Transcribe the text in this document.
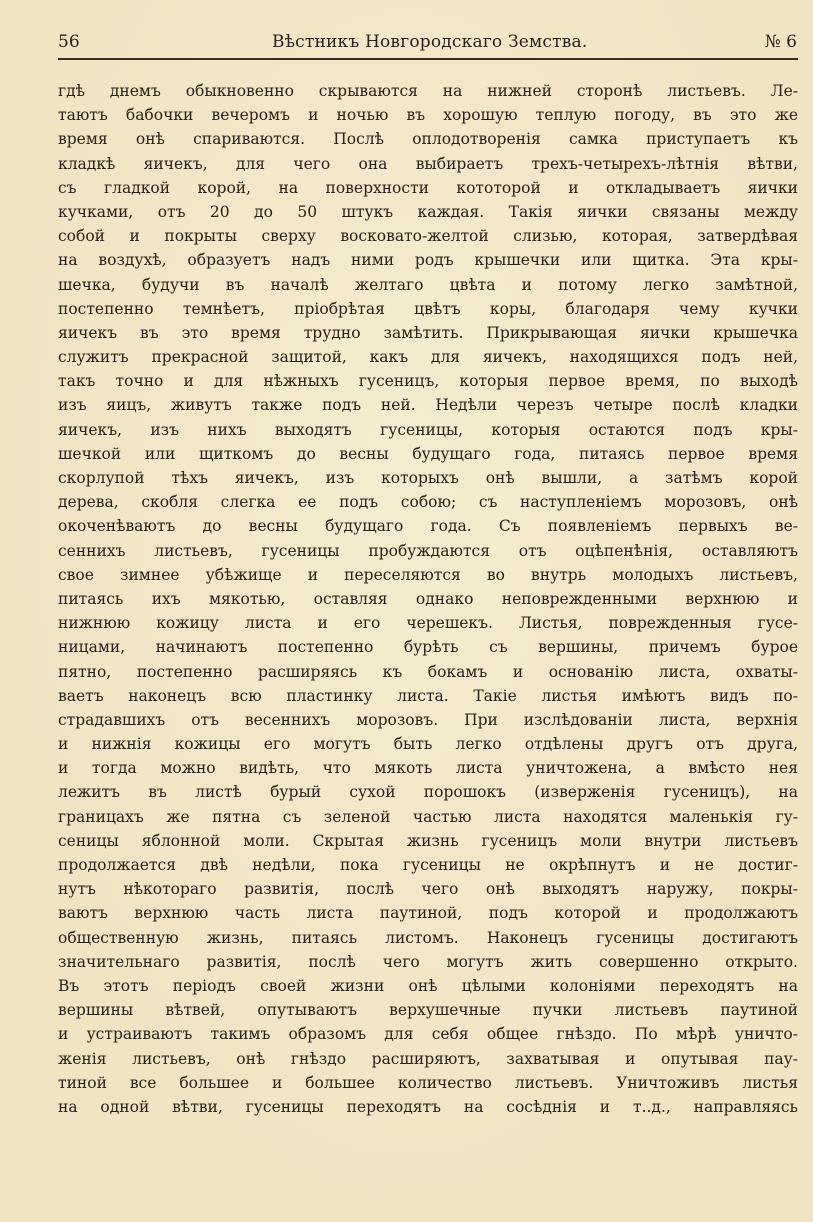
56	Вѣстникъ Новгородскаго Земства.	№ 6
гдѣ днемъ обыкновенно скрываются на нижней сторонѣ листьевъ. Ле-
таютъ бабочки вечеромъ и ночью въ хорошую теплую погоду, въ это же
время онѣ спариваются. Послѣ оплодотворенія самка приступаетъ къ
кладкѣ яичекъ, для чего она выбираетъ трехъ-четырехъ-лѣтнія вѣтви,
съ гладкой корой, на поверхности кототорой и откладываетъ яички
кучками, отъ 20 до 50 штукъ каждая. Такія яички связаны между
собой и покрыты сверху восковато-желтой слизью, которая, затвердѣвая
на воздухѣ, образуетъ надъ ними родъ крышечки или щитка. Эта кры-
шечка, будучи въ началѣ желтаго цвѣта и потому легко замѣтной,
постепенно темнѣетъ, пріобрѣтая цвѣтъ коры, благодаря чему кучки
яичекъ въ это время трудно замѣтить. Прикрывающая яички крышечка
служитъ прекрасной защитой, какъ для яичекъ, находящихся подъ ней,
такъ точно и для нѣжныхъ гусеницъ, которыя первое время, по выходѣ
изъ яицъ, живутъ также подъ ней. Недѣли черезъ четыре послѣ кладки
яичекъ, изъ нихъ выходятъ гусеницы, которыя остаются подъ кры-
шечкой или щиткомъ до весны будущаго года, питаясь первое время
скорлупой тѣхъ яичекъ, изъ которыхъ онѣ вышли, а затѣмъ корой
дерева, скобля слегка ее подъ собою; съ наступленіемъ морозовъ, онѣ
окоченѣваютъ до весны будущаго года. Съ появленіемъ первыхъ ве-
сеннихъ листьевъ, гусеницы пробуждаются отъ оцѣпенѣнія, оставляютъ
свое зимнее убѣжище и переселяются во внутрь молодыхъ листьевъ,
питаясь ихъ мякотью, оставляя однако неповрежденными верхнюю и
нижнюю кожицу листа и его черешекъ. Листья, поврежденныя гусе-
ницами, начинаютъ постепенно бурѣть съ вершины, причемъ бурое
пятно, постепенно расширяясь къ бокамъ и основанію листа, охваты-
ваетъ наконецъ всю пластинку листа. Такіе листья имѣютъ видъ по-
страдавшихъ отъ весеннихъ морозовъ. При изслѣдованіи листа, верхнія
и нижнія кожицы его могутъ быть легко отдѣлены другъ отъ друга,
и тогда можно видѣть, что мякоть листа уничтожена, а вмѣсто нея
лежитъ въ листѣ бурый сухой порошокъ (изверженія гусеницъ), на
границахъ же пятна съ зеленой частью листа находятся маленькія гу-
сеницы яблонной моли. Скрытая жизнь гусеницъ моли внутри листьевъ
продолжается двѣ недѣли, пока гусеницы не окрѣпнутъ и не достиг-
нутъ нѣкотораго развитія, послѣ чего онѣ выходятъ наружу, покры-
ваютъ верхнюю часть листа паутиной, подъ которой и продолжаютъ
общественную жизнь, питаясь листомъ. Наконецъ гусеницы достигаютъ
значительнаго развитія, послѣ чего могутъ жить совершенно открыто.
Въ этотъ періодъ своей жизни онѣ цѣлыми колоніями переходятъ на
вершины вѣтвей, опутываютъ верхушечные пучки листьевъ паутиной
и устраиваютъ такимъ образомъ для себя общее гнѣздо. По мѣрѣ уничто-
женія листьевъ, онѣ гнѣздо расширяютъ, захватывая и опутывая пау-
тиной все большее и большее количество листьевъ. Уничтоживъ листья
на одной вѣтви, гусеницы переходятъ на сосѣднія и т..д., направляясь
